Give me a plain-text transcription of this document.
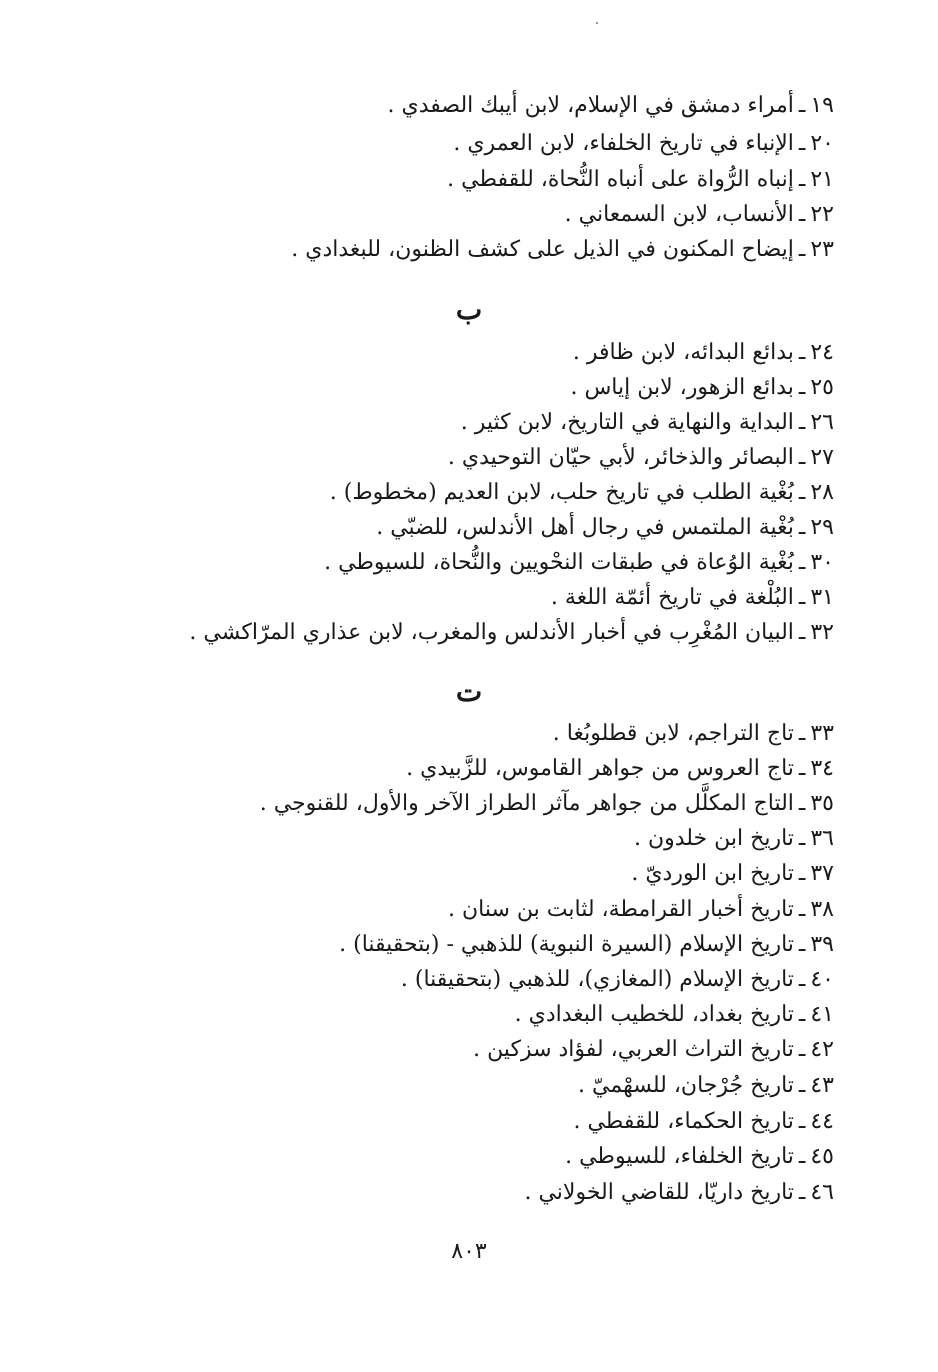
١٩ـأمراء دمشق في الإسلام، لابن أيبك الصفدي .
٢٠ـالإنباء في تاريخ الخلفاء، لابن العمري .
٢١ـإنباه الرُّواة على أنباه النُّحاة، للقفطي .
٢٢ـالأنساب، لابن السمعاني .
٢٣ـإيضاح المكنون في الذيل على كشف الظنون، للبغدادي .
ب
٢٤ـبدائع البدائه، لابن ظافر .
٢٥ـبدائع الزهور، لابن إياس .
٢٦ـالبداية والنهاية في التاريخ، لابن كثير .
٢٧ـالبصائر والذخائر، لأبي حيّان التوحيدي .
٢٨ـبُغْية الطلب في تاريخ حلب، لابن العديم (مخطوط) .
٢٩ـبُغْية الملتمس في رجال أهل الأندلس، للضبّي .
٣٠ـبُغْية الوُعاة في طبقات النحْويين والنُّحاة، للسيوطي .
٣١ـالبُلْغة في تاريخ أئمّة اللغة .
٣٢ـالبيان المُغْرِب في أخبار الأندلس والمغرب، لابن عذاري المرّاكشي .
ت
٣٣ـتاج التراجم، لابن قطلوبُغا .
٣٤ـتاج العروس من جواهر القاموس، للزَّبيدي .
٣٥ـالتاج المكلَّل من جواهر مآثر الطراز الآخر والأول، للقنوجي .
٣٦ـتاريخ ابن خلدون .
٣٧ـتاريخ ابن الورديّ .
٣٨ـتاريخ أخبار القرامطة، لثابت بن سنان .
٣٩ـتاريخ الإسلام (السيرة النبوية) للذهبي - (بتحقيقنا) .
٤٠ـتاريخ الإسلام (المغازي)، للذهبي (بتحقيقنا) .
٤١ـتاريخ بغداد، للخطيب البغدادي .
٤٢ـتاريخ التراث العربي، لفؤاد سزكين .
٤٣ـتاريخ جُرْجان، للسهْميّ .
٤٤ـتاريخ الحكماء، للقفطي .
٤٥ـتاريخ الخلفاء، للسيوطي .
٤٦ـتاريخ داريّا، للقاضي الخولاني .
٨٠٣
